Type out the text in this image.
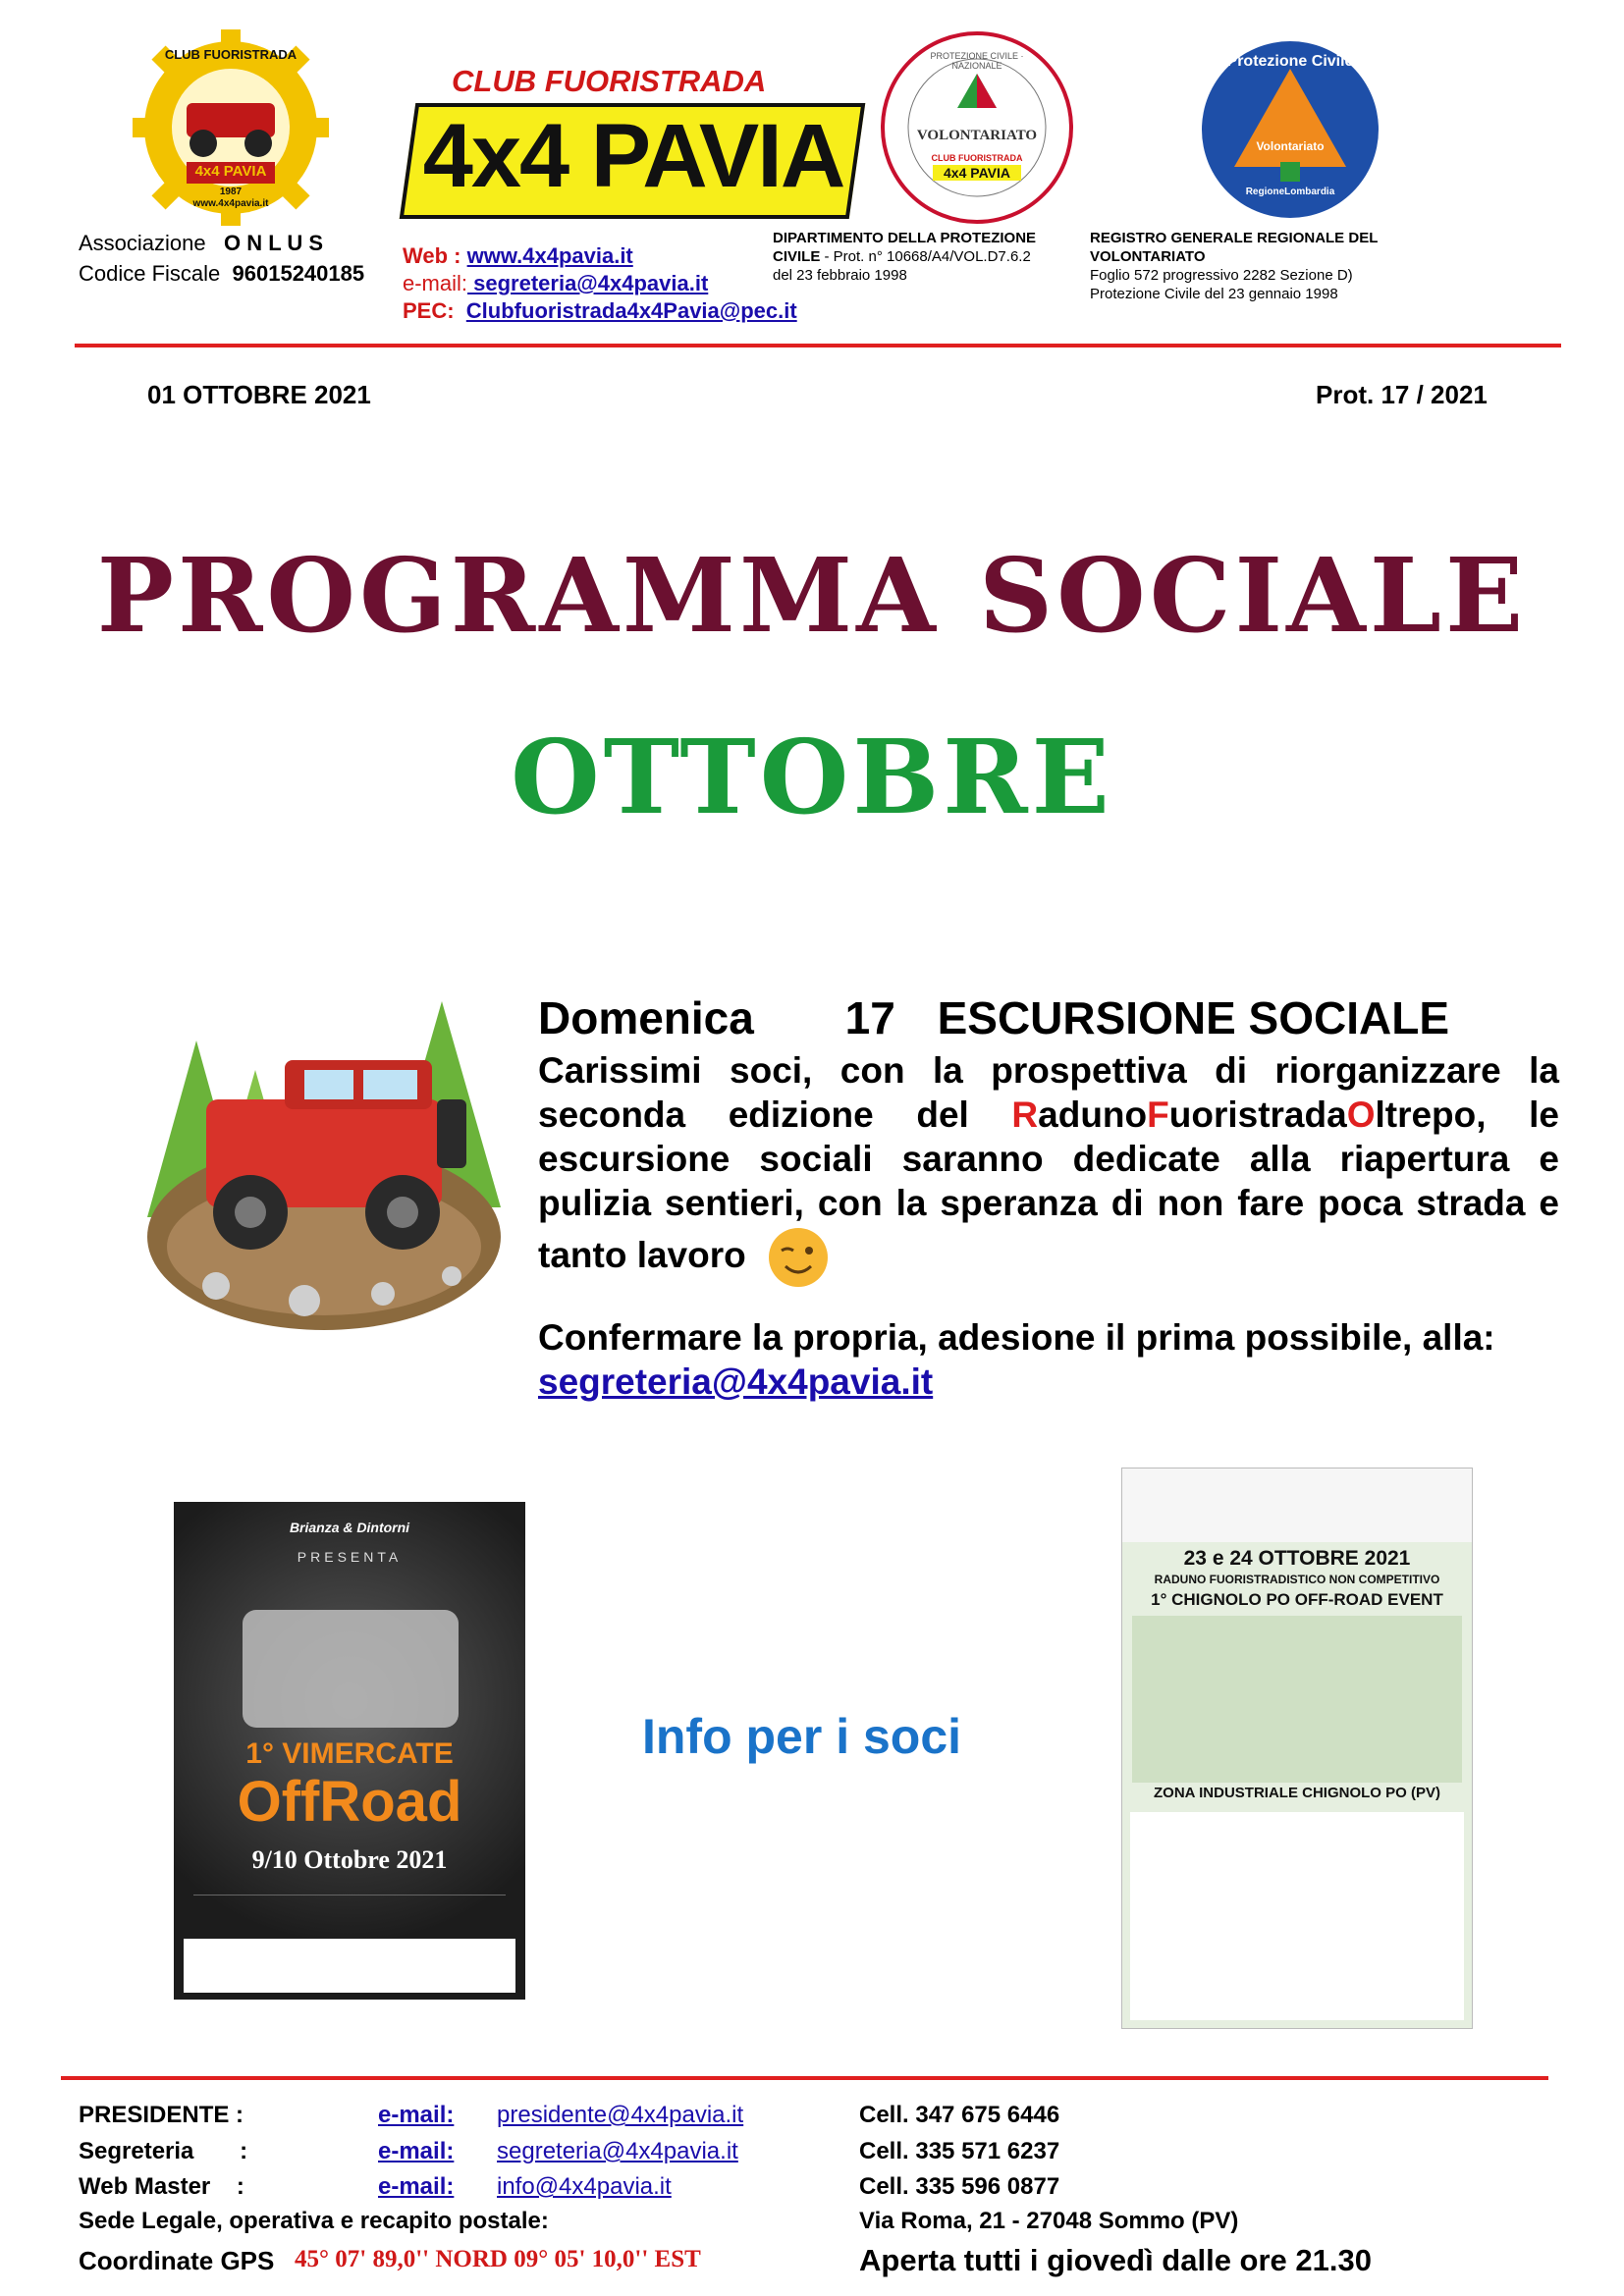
CLUB FUORISTRADA
4x4 PAVIA
1987
www.4x4pavia.it
CLUB FUORISTRADA
4x4 PAVIA
PROTEZIONE CIVILE · NAZIONALE
VOLONTARIATO
CLUB FUORISTRADA
4x4 PAVIA
Protezione Civile
Volontariato
RegioneLombardia
Associazione O N L U S
Codice Fiscale 96015240185
Web : www.4x4pavia.it
e-mail: segreteria@4x4pavia.it
PEC: Clubfuoristrada4x4Pavia@pec.it
DIPARTIMENTO DELLA PROTEZIONE
CIVILE - Prot. n° 10668/A4/VOL.D7.6.2
del 23 febbraio 1998
REGISTRO GENERALE REGIONALE DEL
VOLONTARIATO
Foglio 572 progressivo 2282 Sezione D)
Protezione Civile del 23 gennaio 1998
01 OTTOBRE 2021	Prot. 17 / 2021
PROGRAMMA SOCIALE
OTTOBRE
Domenica 17 ESCURSIONE SOCIALE
Carissimi soci, con la prospettiva di riorganizzare la seconda edizione del RadunoFuoristradaOltrepo, le escursione sociali saranno dedicate alla riapertura e pulizia sentieri, con la speranza di non fare poca strada e tanto lavoro
Confermare la propria, adesione il prima possibile, alla:
segreteria@4x4pavia.it
Brianza & Dintorni
PRESENTA
1° VIMERCATE
OffRoad
9/10 Ottobre 2021
Info per i soci
23 e 24 OTTOBRE 2021
RADUNO FUORISTRADISTICO NON COMPETITIVO
1° CHIGNOLO PO OFF-ROAD EVENT
ZONA INDUSTRIALE CHIGNOLO PO (PV)
PRESIDENTE :	e-mail: presidente@4x4pavia.it	Cell. 347 675 6446
Segreteria       :	e-mail: segreteria@4x4pavia.it	Cell. 335 571 6237
Web Master    :	e-mail: info@4x4pavia.it	Cell. 335 596 0877
Sede Legale, operativa e recapito postale:	Via Roma, 21 - 27048 Sommo (PV)
Coordinate GPS 45° 07' 89,0'' NORD 09° 05' 10,0'' EST	Aperta tutti i giovedì dalle ore 21.30
